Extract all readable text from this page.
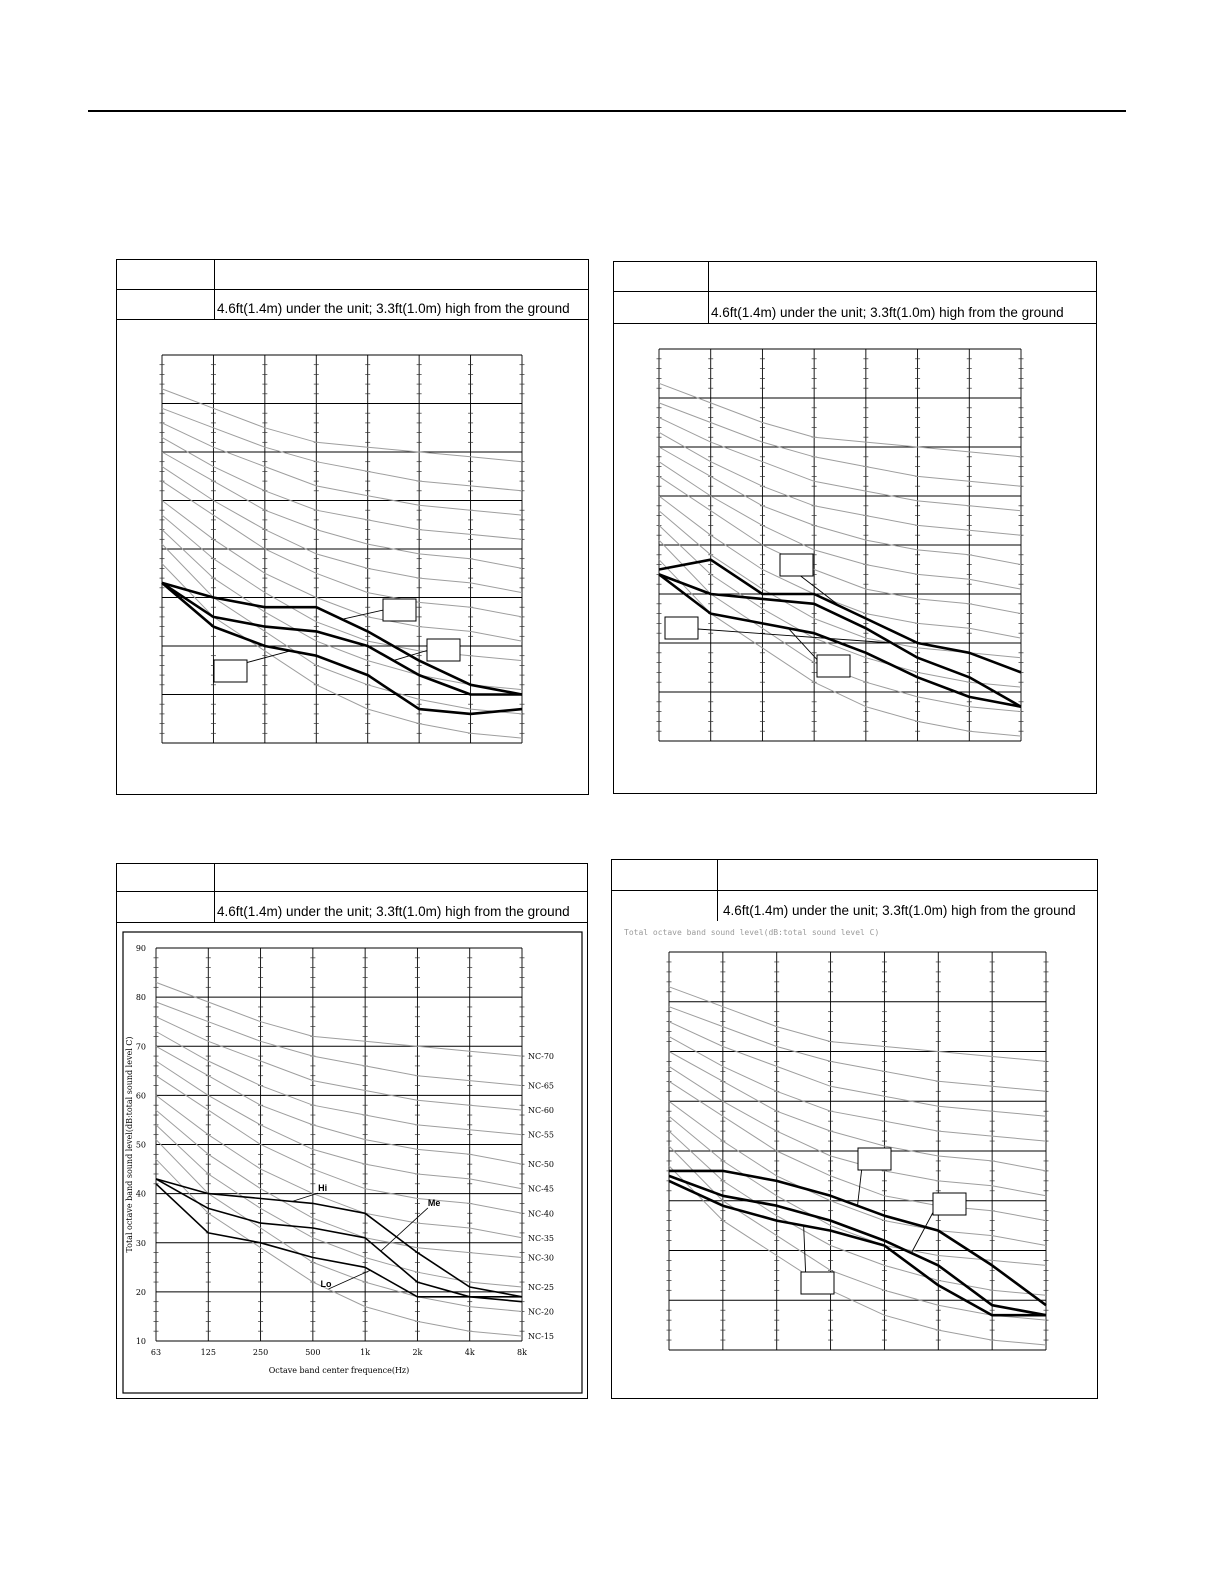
4.6ft(1.4m) under the unit; 3.3ft(1.0m) high from the ground	4.6ft(1.4m) under the unit; 3.3ft(1.0m) high from the ground
4.6ft(1.4m) under the unit; 3.3ft(1.0m) high from the ground
10
20
30
40
50
60
70
80
90
63	125	250	500	1k	2k	4k	8k
Octave band center frequence(Hz)
Total octave band sound level(dB:total sound level C)	NC-70
NC-65
NC-60
NC-55
NC-50
NC-45
NC-40
NC-35
NC-30
NC-25
NC-20
NC-15
Hi
Me
Lo
4.6ft(1.4m) under the unit; 3.3ft(1.0m) high from the ground
Total octave band sound level(dB:total sound level C)
